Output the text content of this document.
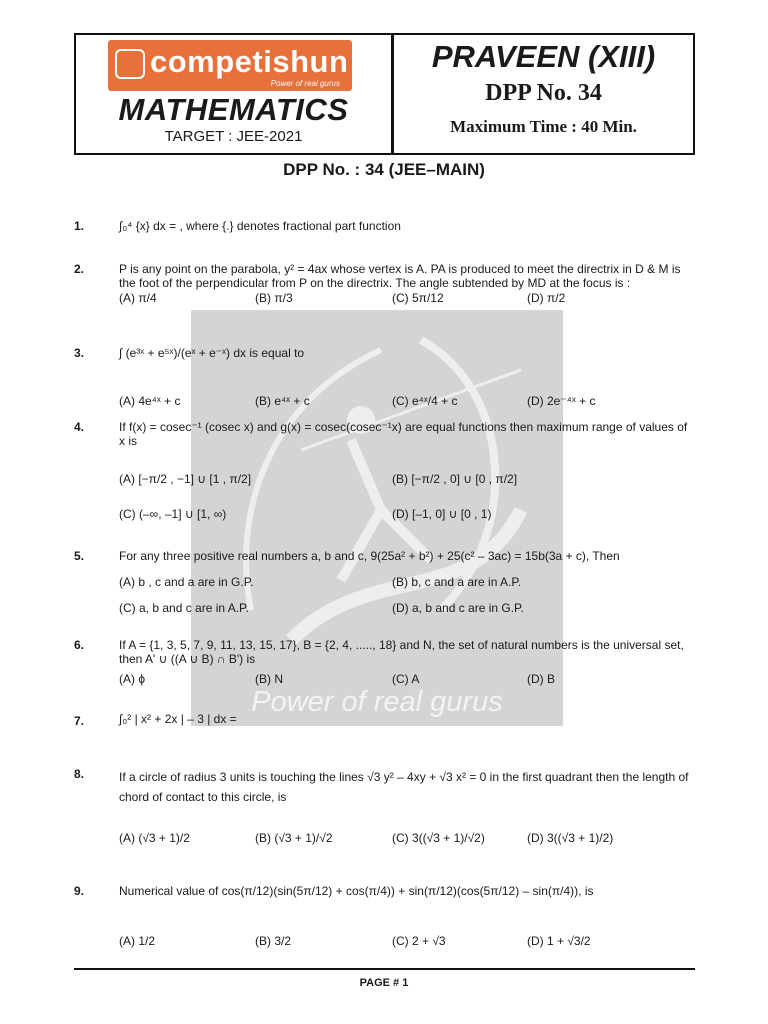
competishun
Power of real gurus
MATHEMATICS
TARGET : JEE-2021
PRAVEEN (XIII)
DPP No. 34
Maximum Time : 40 Min.
DPP No. : 34 (JEE–MAIN)
Power of real gurus
1.	∫₀⁴ {x} dx = , where {.} denotes fractional part function
2.	P is any point on the parabola, y² = 4ax whose vertex is A. PA is produced to meet the directrix in D & M is the foot of the perpendicular from P on the directrix. The angle subtended by MD at the focus is :
(A) π/4	(B) π/3	(C) 5π/12	(D) π/2
3.	∫ (e³ˣ + e⁵ˣ)/(eˣ + e⁻ˣ) dx is equal to
(A) 4e⁴ˣ + c	(B) e⁴ˣ + c	(C) e⁴ˣ/4 + c	(D) 2e⁻⁴ˣ + c
4.	If f(x) = cosec⁻¹ (cosec x) and g(x) = cosec(cosec⁻¹x) are equal functions then maximum range of values of x is
(A) [−π/2 , −1] ∪ [1 , π/2]	(B) [−π/2 , 0] ∪ [0 , π/2]
(C) (–∞, –1] ∪ [1, ∞)	(D) [–1, 0] ∪ [0 , 1)
5.	For any three positive real numbers a, b and c, 9(25a² + b²) + 25(c² – 3ac) = 15b(3a + c), Then
(A) b , c and a are in G.P.	(B) b, c and a are in A.P.
(C) a, b and c are in A.P.	(D) a, b and c are in G.P.
6.	If A = {1, 3, 5, 7, 9, 11, 13, 15, 17}, B = {2, 4, ....., 18} and N, the set of natural numbers is the universal set, then A' ∪ ((A ∪ B) ∩ B') is
(A) ϕ	(B) N	(C) A	(D) B
7.	∫₀² | x² + 2x | – 3 | dx =
8.	If a circle of radius 3 units is touching the lines √3 y² – 4xy + √3 x² = 0 in the first quadrant then the length of chord of contact to this circle, is
(A) (√3 + 1)/2	(B) (√3 + 1)/√2	(C) 3((√3 + 1)/√2)	(D) 3((√3 + 1)/2)
9.	Numerical value of cos(π/12)(sin(5π/12) + cos(π/4)) + sin(π/12)(cos(5π/12) – sin(π/4)), is
(A) 1/2	(B) 3/2	(C) 2 + √3	(D) 1 + √3/2
PAGE # 1
